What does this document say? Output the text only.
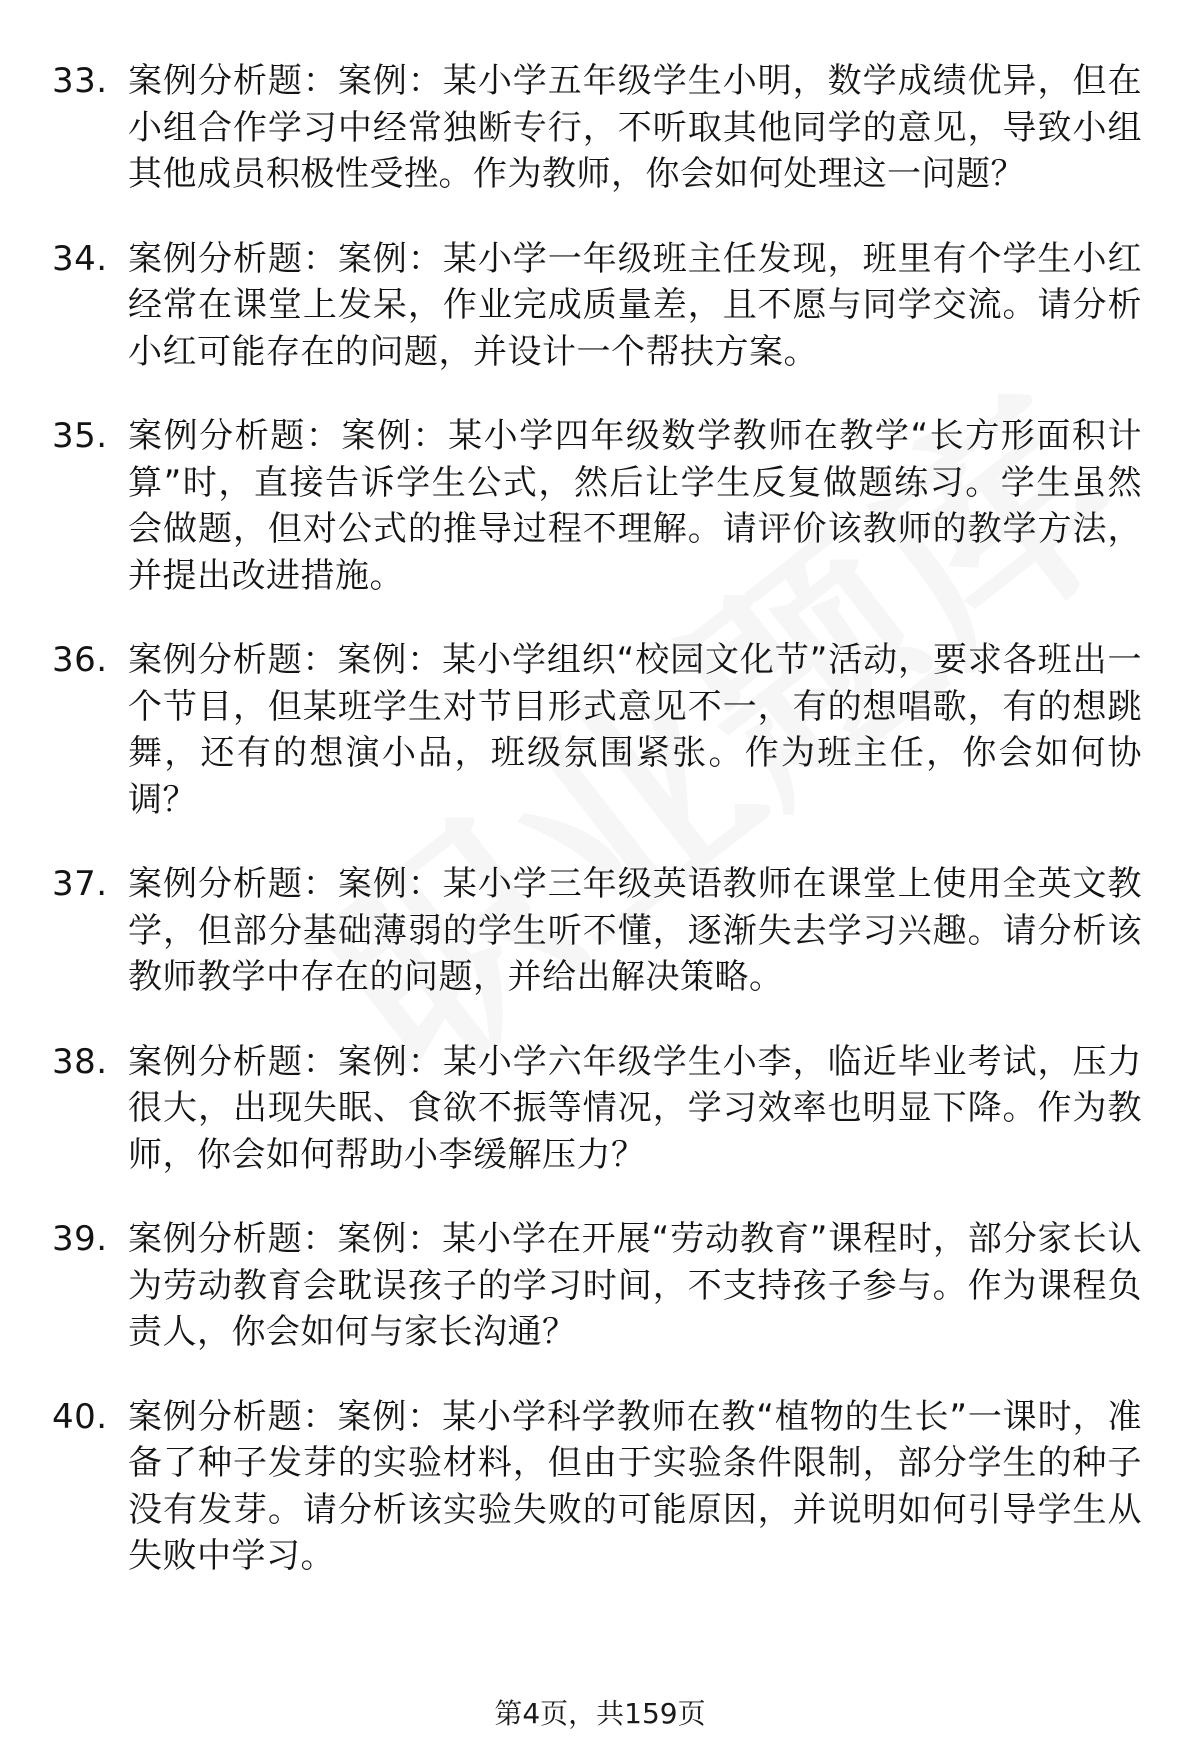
33. 案例分析题：案例：某小学五年级学生小明，数学成绩优异，但在小组合作学习中经常独断专行，不听取其他同学的意见，导致小组其他成员积极性受挫。作为教师，你会如何处理这一问题？
34. 案例分析题：案例：某小学一年级班主任发现，班里有个学生小红经常在课堂上发呆，作业完成质量差，且不愿与同学交流。请分析小红可能存在的问题，并设计一个帮扶方案。
35. 案例分析题：案例：某小学四年级数学教师在教学“长方形面积计算”时，直接告诉学生公式，然后让学生反复做题练习。学生虽然会做题，但对公式的推导过程不理解。请评价该教师的教学方法，并提出改进措施。
36. 案例分析题：案例：某小学组织“校园文化节”活动，要求各班出一个节目，但某班学生对节目形式意见不一，有的想唱歌，有的想跳舞，还有的想演小品，班级氛围紧张。作为班主任，你会如何协调？
37. 案例分析题：案例：某小学三年级英语教师在课堂上使用全英文教学，但部分基础薄弱的学生听不懂，逐渐失去学习兴趣。请分析该教师教学中存在的问题，并给出解决策略。
38. 案例分析题：案例：某小学六年级学生小李，临近毕业考试，压力很大，出现失眠、食欲不振等情况，学习效率也明显下降。作为教师，你会如何帮助小李缓解压力？
39. 案例分析题：案例：某小学在开展“劳动教育”课程时，部分家长认为劳动教育会耽误孩子的学习时间，不支持孩子参与。作为课程负责人，你会如何与家长沟通？
40. 案例分析题：案例：某小学科学教师在教“植物的生长”一课时，准备了种子发芽的实验材料，但由于实验条件限制，部分学生的种子没有发芽。请分析该实验失败的可能原因，并说明如何引导学生从失败中学习。
第4页，共159页
